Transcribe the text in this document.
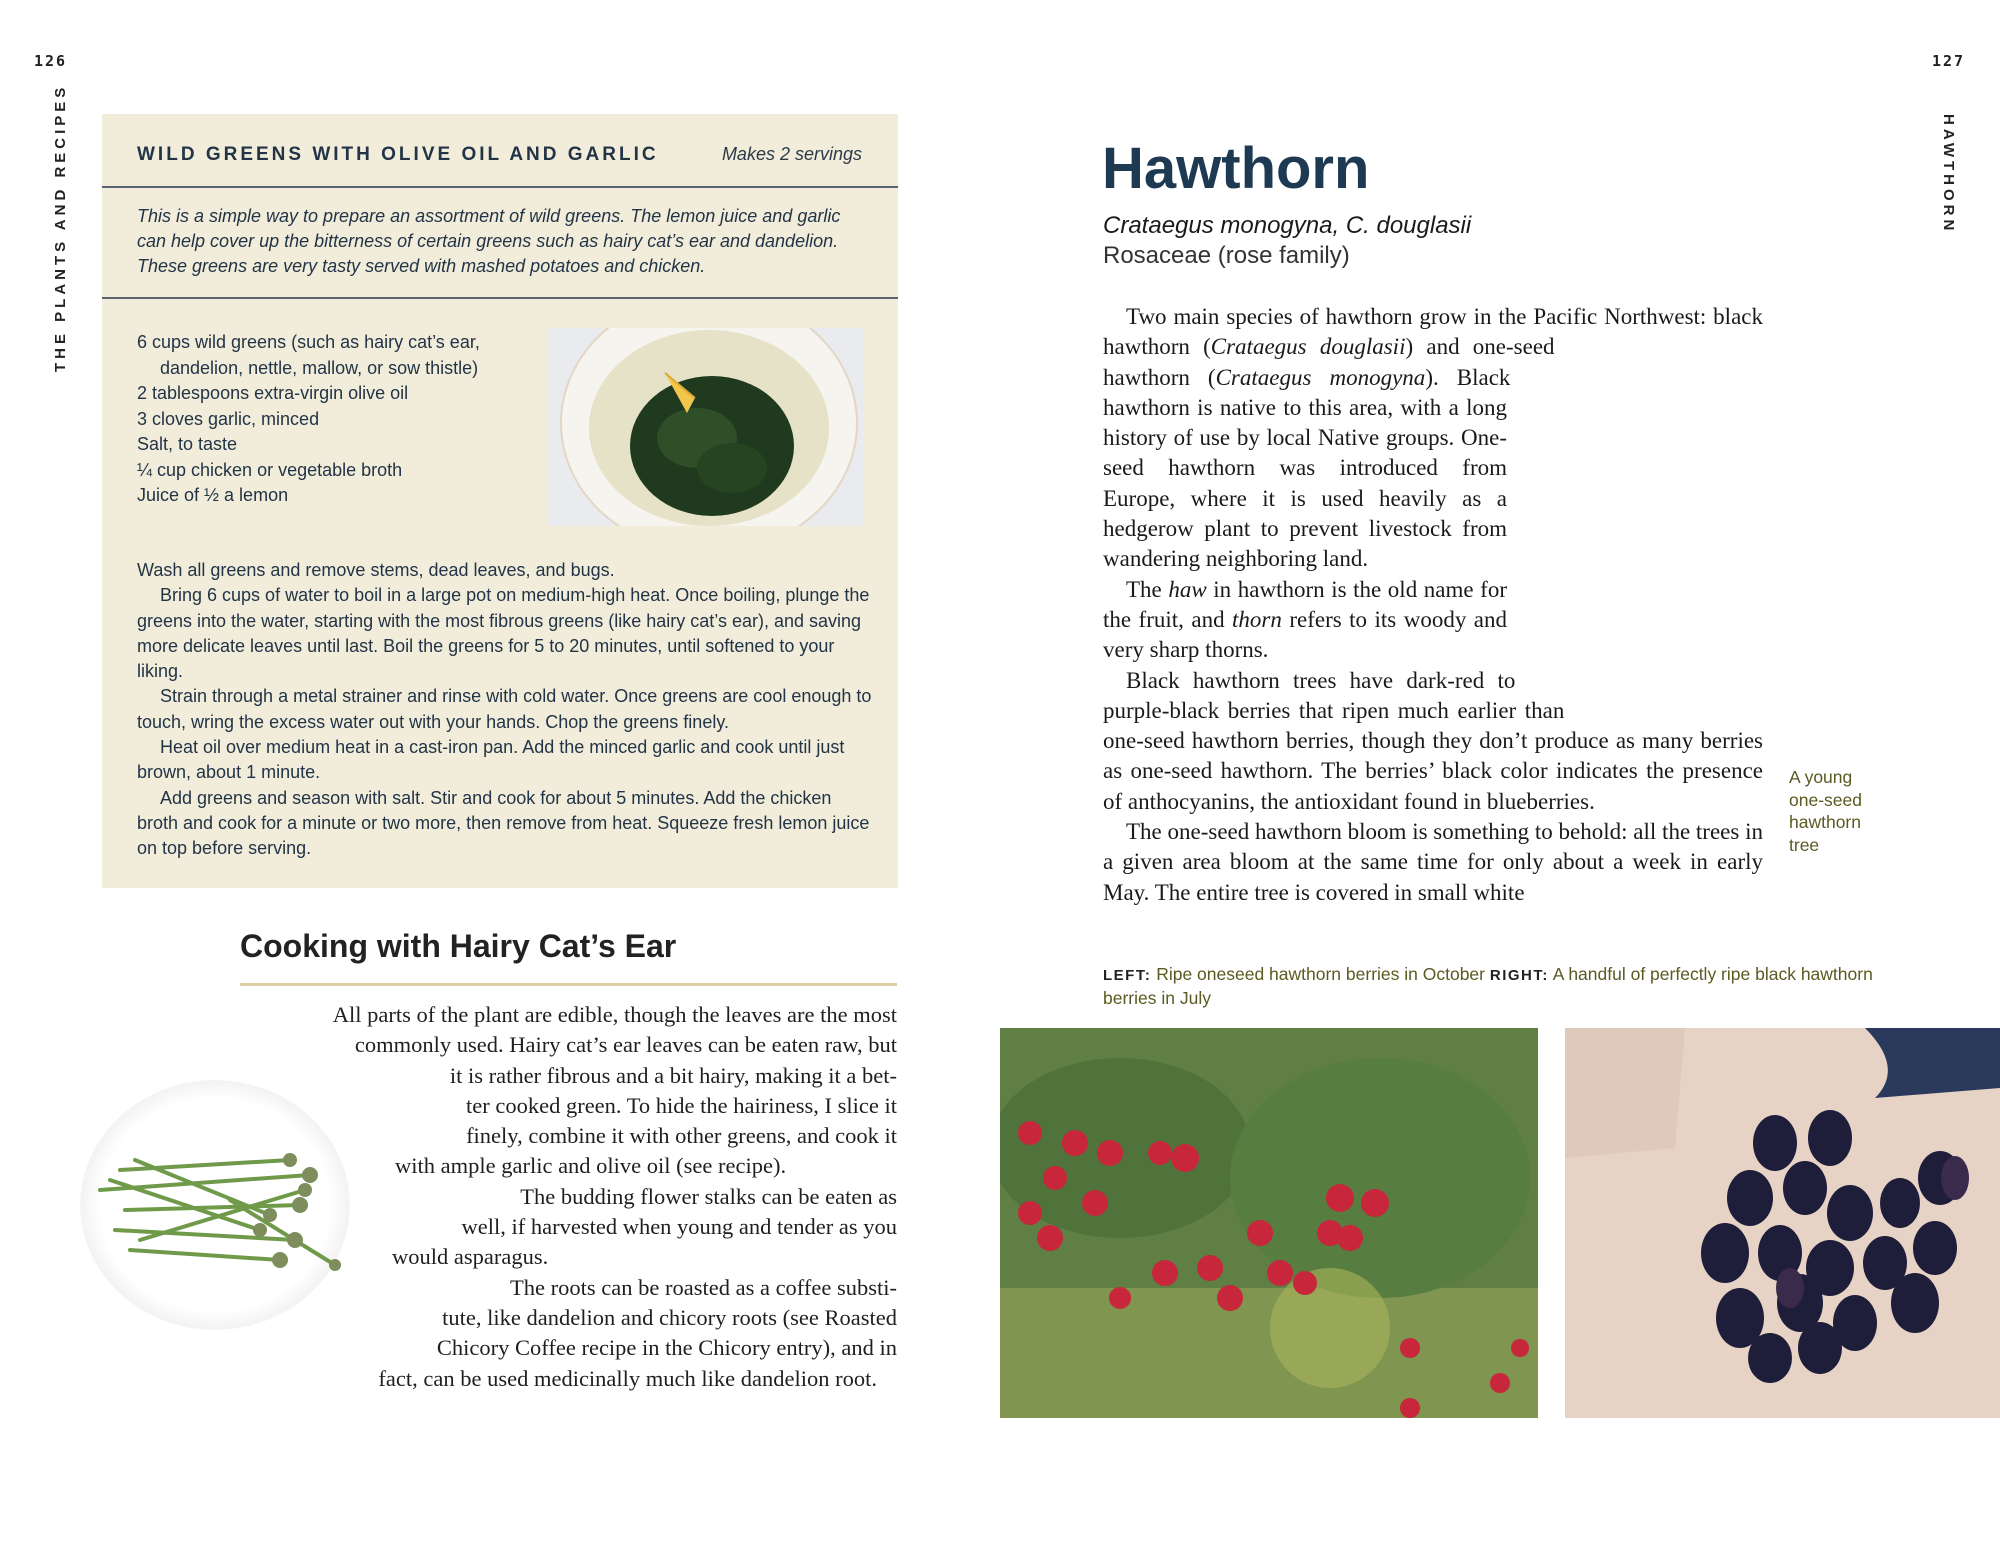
126
THE PLANTS AND RECIPES	WILD GREENS WITH OLIVE OIL AND GARLIC	Makes 2 servings
This is a simple way to prepare an assortment of wild greens. The lemon juice and garlic can help cover up the bitterness of certain greens such as hairy cat’s ear and dandelion. These greens are very tasty served with mashed potatoes and chicken.
6 cups wild greens (such as hairy cat’s ear, dandelion, nettle, mallow, or sow thistle)
2 tablespoons extra-virgin olive oil
3 cloves garlic, minced
Salt, to taste
¼ cup chicken or vegetable broth
Juice of ½ a lemon

Wash all greens and remove stems, dead leaves, and bugs.

Bring 6 cups of water to boil in a large pot on medium-high heat. Once boiling, plunge the greens into the water, starting with the most fibrous greens (like hairy cat’s ear), and saving more delicate leaves until last. Boil the greens for 5 to 20 minutes, until softened to your liking.

Strain through a metal strainer and rinse with cold water. Once greens are cool enough to touch, wring the excess water out with your hands. Chop the greens finely.

Heat oil over medium heat in a cast-iron pan. Add the minced garlic and cook until just brown, about 1 minute.

Add greens and season with salt. Stir and cook for about 5 minutes. Add the chicken broth and cook for a minute or two more, then remove from heat. Squeeze fresh lemon juice on top before serving.

Cooking with Hairy Cat’s Ear

All parts of the plant are edible, though the leaves are the most

commonly used. Hairy cat’s ear leaves can be eaten raw, but

it is rather fibrous and a bit hairy, making it a bet-

ter cooked green. To hide the hairiness, I slice it

finely, combine it with other greens, and cook it

with ample garlic and olive oil (see recipe).

The budding flower stalks can be eaten as

well, if harvested when young and tender as you

would asparagus.

The roots can be roasted as a coffee substi-

tute, like dandelion and chicory roots (see Roasted

Chicory Coffee recipe in the Chicory entry), and in

fact, can be used medicinally much like dandelion root.

127
HAWTHORN
Hawthorn
Crataegus monogyna, C. douglasii
Rosaceae (rose family)

Two main species of hawthorn grow in the Pacific Northwest: black hawthorn (Crataegus douglasii) and one-seed hawthorn (Crataegus monogyna). Black hawthorn is native to this area, with a long history of use by local Native groups. One-seed hawthorn was introduced from Europe, where it is used heavily as a hedgerow plant to prevent livestock from wandering neighboring land.

The haw in hawthorn is the old name for the fruit, and thorn refers to its woody and very sharp thorns.

Black hawthorn trees have dark-red to purple-black berries that ripen much earlier than one-seed hawthorn berries, though they don’t produce as many berries as one-seed hawthorn. The berries’ black color indicates the presence of anthocyanins, the antioxidant found in blueberries.

The one-seed hawthorn bloom is something to behold: all the trees in a given area bloom at the same time for only about a week in early May. The entire tree is covered in small white

A young one-seed hawthorn tree
LEFT: Ripe oneseed hawthorn berries in October RIGHT: A handful of perfectly ripe black hawthorn berries in July
